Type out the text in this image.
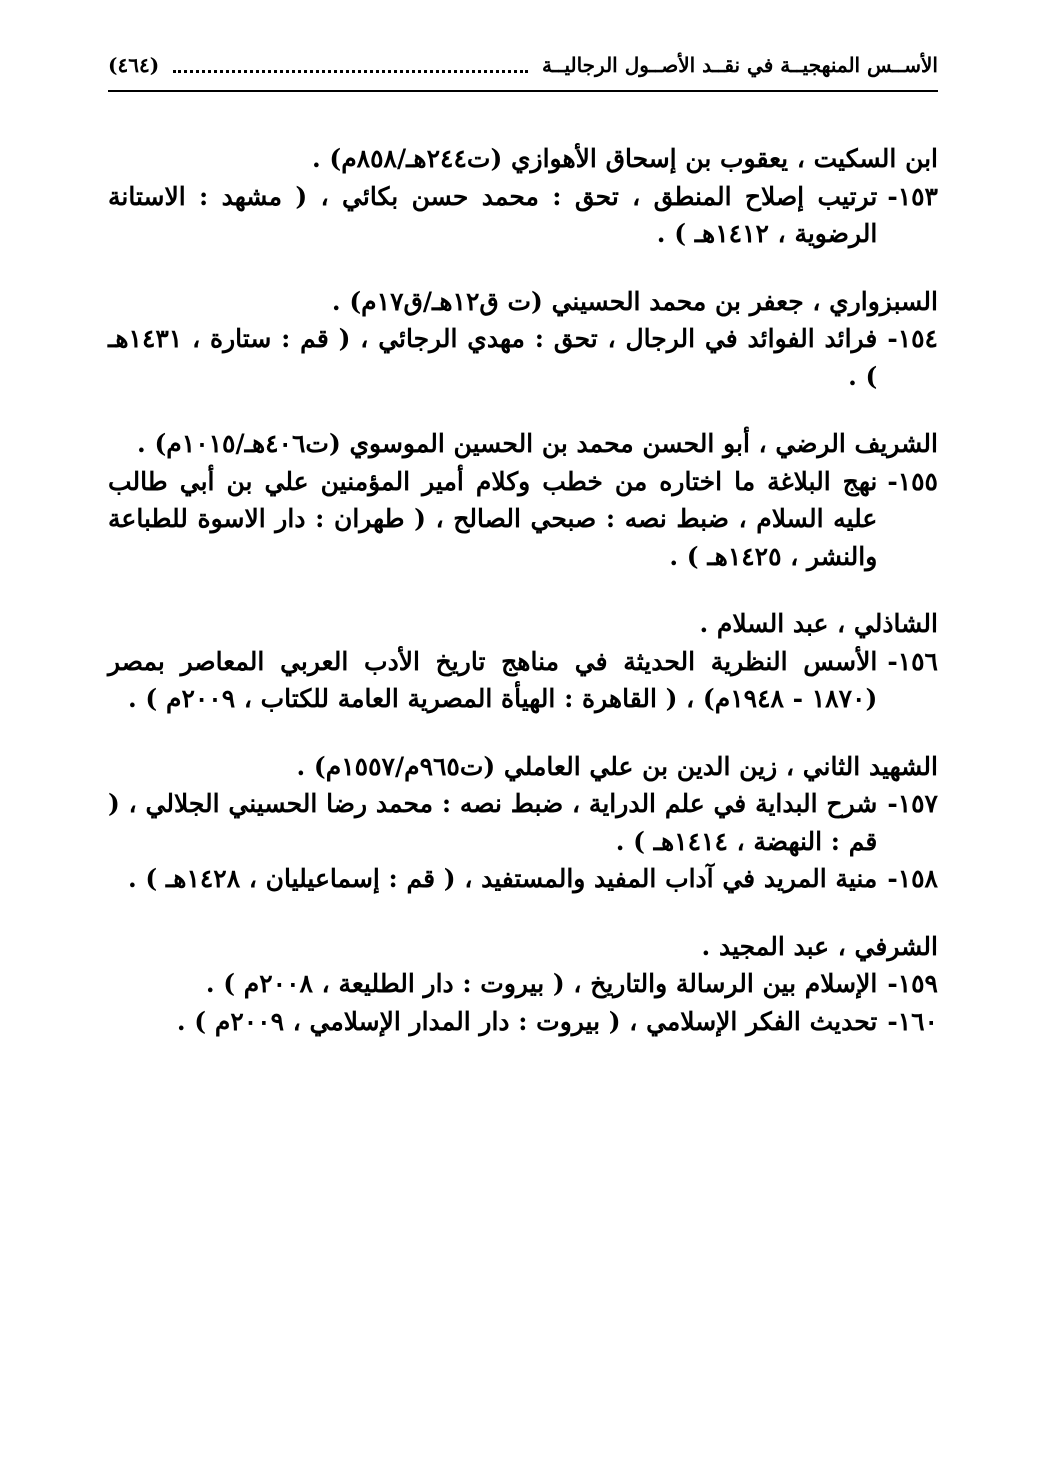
الأســس المنهجيــة في نقــد الأصــول الرجاليــة
(٤٦٤)
ابن السكيت ، يعقوب بن إسحاق الأهوازي (ت٢٤٤هـ/٨٥٨م) .
١٥٣-
ترتيب إصلاح المنطق ، تحق : محمد حسن بكائي ، ( مشهد : الاستانة الرضوية ، ١٤١٢هـ ) .
السبزواري ، جعفر بن محمد الحسيني (ت ق١٢هـ/ق١٧م) .
١٥٤-
فرائد الفوائد في الرجال ، تحق : مهدي الرجائي ، ( قم : ستارة ، ١٤٣١هـ ) .
الشريف الرضي ، أبو الحسن محمد بن الحسين الموسوي (ت٤٠٦هـ/١٠١٥م) .
١٥٥-
نهج البلاغة ما اختاره من خطب وكلام أمير المؤمنين علي بن أبي طالب عليه السلام ، ضبط نصه : صبحي الصالح ، ( طهران : دار الاسوة للطباعة والنشر ، ١٤٢٥هـ ) .
الشاذلي ، عبد السلام .
١٥٦-
الأسس النظرية الحديثة في مناهج تاريخ الأدب العربي المعاصر بمصر (١٨٧٠ - ١٩٤٨م) ، ( القاهرة : الهيأة المصرية العامة للكتاب ، ٢٠٠٩م ) .
الشهيد الثاني ، زين الدين بن علي العاملي (ت٩٦٥م/١٥٥٧م) .
١٥٧-
شرح البداية في علم الدراية ، ضبط نصه : محمد رضا الحسيني الجلالي ، ( قم : النهضة ، ١٤١٤هـ ) .
١٥٨-
منية المريد في آداب المفيد والمستفيد ، ( قم : إسماعيليان ، ١٤٢٨هـ ) .
الشرفي ، عبد المجيد .
١٥٩-
الإسلام بين الرسالة والتاريخ ، ( بيروت : دار الطليعة ، ٢٠٠٨م ) .
١٦٠-
تحديث الفكر الإسلامي ، ( بيروت : دار المدار الإسلامي ، ٢٠٠٩م ) .
